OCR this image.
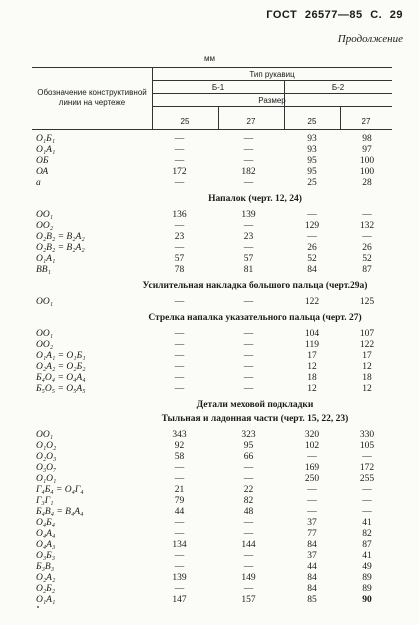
ГОСТ 26577—85 С. 29
Продолжение
мм
Обозначение конструктивной линии на чертеже
Тип рукавиц
Б-1	Б-2
Размер
25	27	25	27
О₁Б₁	—	—	93	98
О₁А₁	—	—	93	97
ОБ	—	—	95	100
ОА	172	182	95	100
а	—	—	25	28
Напалок (черт. 12, 24)
ОО₁	136	139	—	—
ОО₂	—	—	129	132
О₂В₂ = В₂А₂	23	23	—	—
О₂В₂ = В₂А₂	—	—	26	26
О₁А₁	57	57	52	52
ВВ₁	78	81	84	87
Усилительная накладка большого пальца (черт.29а)
ОО₁	—	—	122	125
Стрелка напалка указательного пальца (черт. 27)
ОО₁	—	—	104	107
ОО₂	—	—	119	122
О₁А₁ = О₁Б₁	—	—	17	17
О₂А₂ = О₂Б₂	—	—	12	12
Б₄О₄ = О₄А₄	—	—	18	18
Б₅О₅ = О₅А₅	—	—	12	12
Детали меховой подкладки
Тыльная и ладонная части (черт. 15, 22, 23)
ОО₁	343	323	320	330
О₁О₂	92	95	102	105
О₂О₃	58	66	—	—
О₃О₇	—	—	169	172
О₁О₁	—	—	250	255
Г₄Б₄ = О₄Г₄	21	22	—	—
Г₃Г₁	79	82	—	—
Б₄В₄ = В₄А₄	44	48	—	—
О₄Б₄	—	—	37	41
О₄А₄	—	—	77	82
О₄А₃	134	144	84	87
О₃Б₃	—	—	37	41
Б₃В₃	—	—	44	49
О₂А₂	139	149	84	89
О₂Б₂	—	—	84	89
О₁А₁	147	157	85	90
